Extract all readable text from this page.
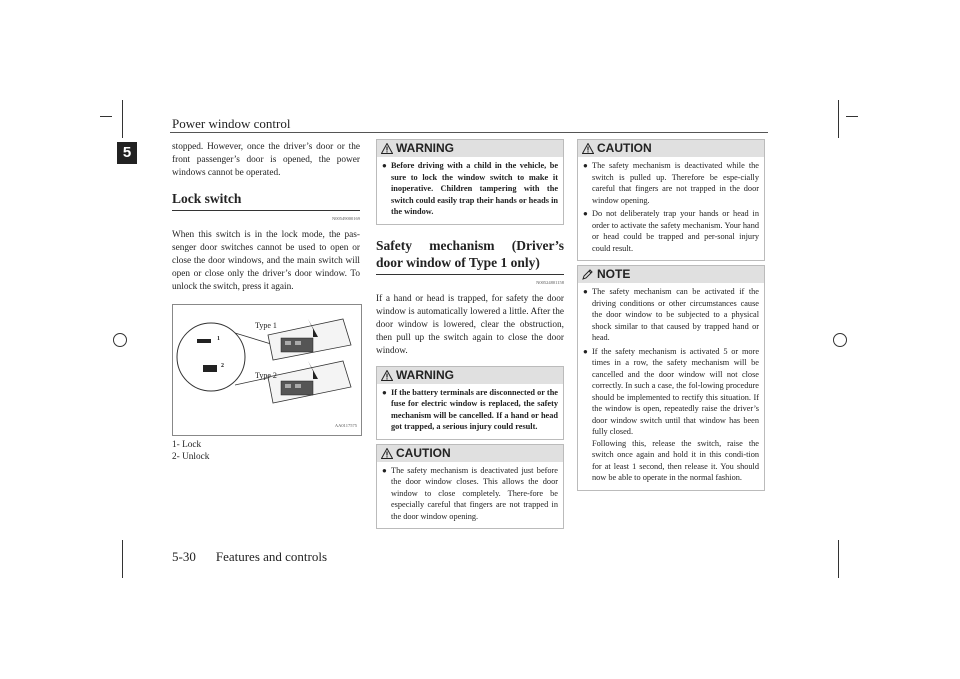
Power window control
5	stopped. However, once the driver’s door or the front passenger’s door is opened, the power windows cannot be operated.

Lock switch
N00549000169

When this switch is in the lock mode, the pas-senger door switches cannot be used to open or close the door windows, and the main switch will open or close only the driver’s door window. To unlock the switch, press it again.

Type 1
Type 2
1
2
AA0117575
1- Lock
2- Unlock
WARNING
● Before driving with a child in the vehicle, be sure to lock the window switch to make it inoperative. Children tampering with the switch could easily trap their hands or heads in the window.
Safety mechanism (Driver’s door window of Type 1 only)
N00524801158

If a hand or head is trapped, for safety the door window is automatically lowered a little. After the door window is lowered, clear the obstruction, then pull up the switch again to close the door window.

WARNING
● If the battery terminals are disconnected or the fuse for electric window is replaced, the safety mechanism will be cancelled. If a hand or head got trapped, a serious injury could result.
CAUTION
● The safety mechanism is deactivated just before the door window closes. This allows the door window to close completely. There-fore be especially careful that fingers are not trapped in the door window opening.
CAUTION
● The safety mechanism is deactivated while the switch is pulled up. Therefore be espe-cially careful that fingers are not trapped in the door window opening.
● Do not deliberately trap your hands or head in order to activate the safety mechanism. Your hand or head could be trapped and per-sonal injury could result.
NOTE
● The safety mechanism can be activated if the driving conditions or other circumstances cause the door window to be subjected to a physical shock similar to that caused by trapped hand or head.
● If the safety mechanism is activated 5 or more times in a row, the safety mechanism will be cancelled and the door window will not close correctly. In such a case, the fol-lowing procedure should be implemented to rectify this situation. If the window is open, repeatedly raise the driver’s door window switch until that window has been fully closed.
Following this, release the switch, raise the switch once again and hold it in this condi-tion for at least 1 second, then release it. You should now be able to operate in the normal fashion.
5-30 Features and controls
